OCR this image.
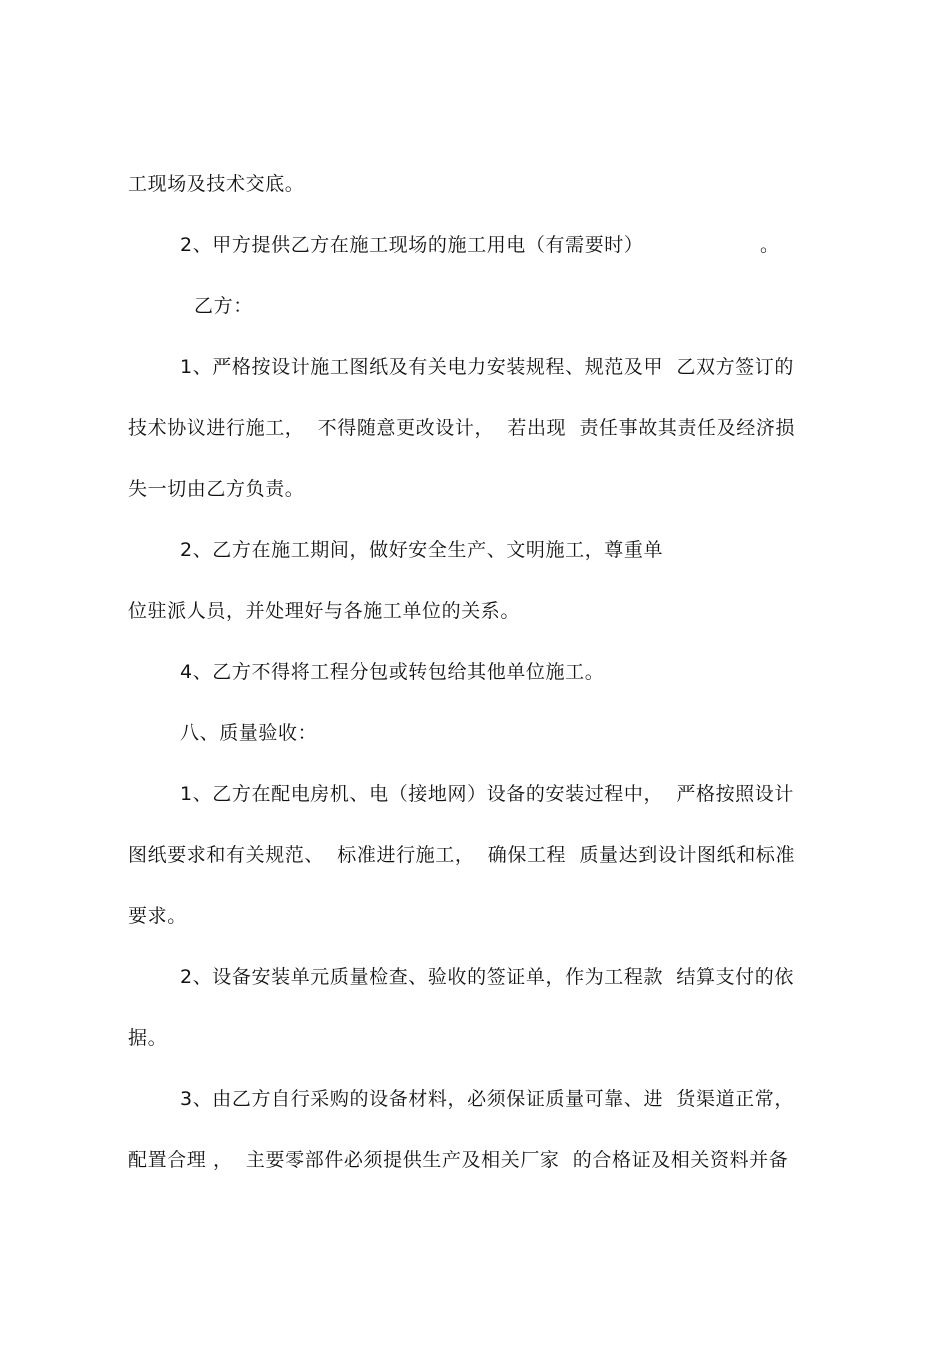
工现场及技术交底。
2、甲方提供乙方在施工现场的施工用电（有需要时）	。
乙方：
1、严格按设计施工图纸及有关电力安装规程、规范及甲  乙双方签订的
技术协议进行施工，  不得随意更改设计，  若出现  责任事故其责任及经济损
失一切由乙方负责。
2、乙方在施工期间，做好安全生产、文明施工，尊重单
位驻派人员，并处理好与各施工单位的关系。
4、乙方不得将工程分包或转包给其他单位施工。
八、质量验收：
1、乙方在配电房机、电（接地网）设备的安装过程中，  严格按照设计
图纸要求和有关规范、  标准进行施工，  确保工程  质量达到设计图纸和标准
要求。
2、设备安装单元质量检查、验收的签证单，作为工程款  结算支付的依
据。
3、由乙方自行采购的设备材料，必须保证质量可靠、进  货渠道正常，
配置合理 ，  主要零部件必须提供生产及相关厂家  的合格证及相关资料并备
